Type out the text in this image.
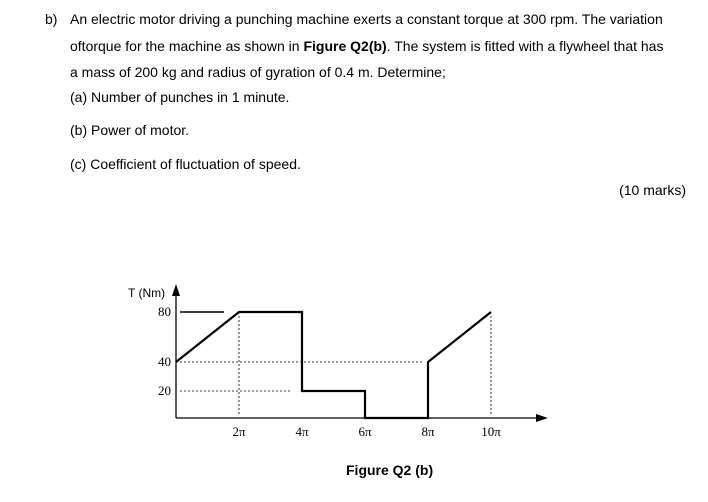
b) An electric motor driving a punching machine exerts a constant torque at 300 rpm. The variation
oftorque for the machine as shown in Figure Q2(b). The system is fitted with a flywheel that has
a mass of 200 kg and radius of gyration of 0.4 m. Determine;
(a) Number of punches in 1 minute.
(b) Power of motor.
(c) Coefficient of fluctuation of speed.
(10 marks)
T (Nm)
80
40
20
2π	4π	6π	8π	10π
Figure Q2 (b)
